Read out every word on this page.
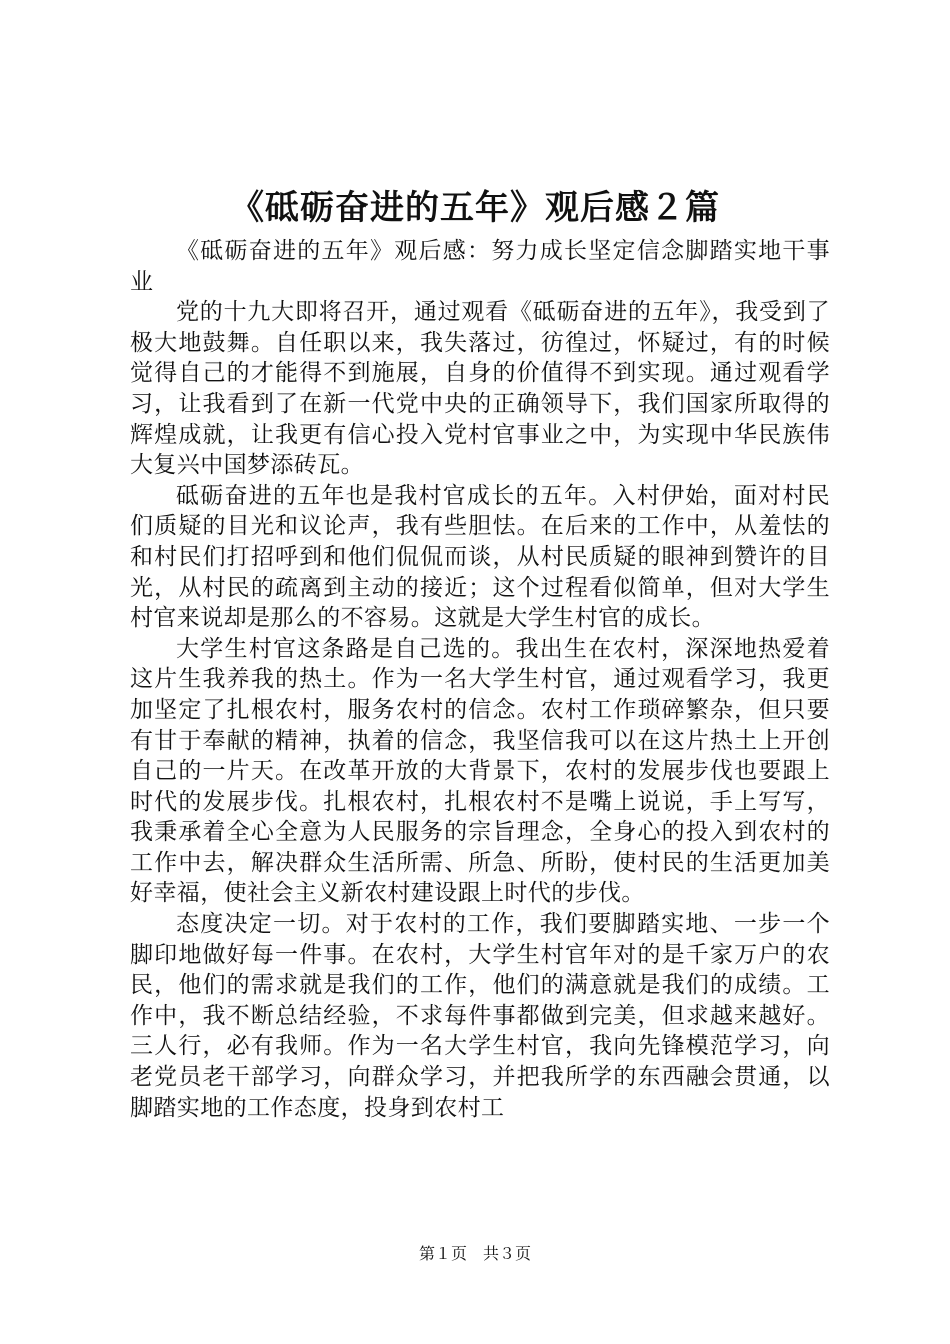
《砥砺奋进的五年》观后感２篇

《砥砺奋进的五年》观后感：努力成长坚定信念脚踏实地干事业

党的十九大即将召开，通过观看《砥砺奋进的五年》，我受到了极大地鼓舞。自任职以来，我失落过，彷徨过，怀疑过，有的时候觉得自己的才能得不到施展，自身的价值得不到实现。通过观看学习，让我看到了在新一代党中央的正确领导下，我们国家所取得的辉煌成就，让我更有信心投入党村官事业之中，为实现中华民族伟大复兴中国梦添砖瓦。

砥砺奋进的五年也是我村官成长的五年。入村伊始，面对村民们质疑的目光和议论声，我有些胆怯。在后来的工作中，从羞怯的和村民们打招呼到和他们侃侃而谈，从村民质疑的眼神到赞许的目光，从村民的疏离到主动的接近；这个过程看似简单，但对大学生村官来说却是那么的不容易。这就是大学生村官的成长。

大学生村官这条路是自己选的。我出生在农村，深深地热爱着这片生我养我的热土。作为一名大学生村官，通过观看学习，我更加坚定了扎根农村，服务农村的信念。农村工作琐碎繁杂，但只要有甘于奉献的精神，执着的信念，我坚信我可以在这片热土上开创自己的一片天。在改革开放的大背景下，农村的发展步伐也要跟上时代的发展步伐。扎根农村，扎根农村不是嘴上说说，手上写写，我秉承着全心全意为人民服务的宗旨理念，全身心的投入到农村的工作中去，解决群众生活所需、所急、所盼，使村民的生活更加美好幸福，使社会主义新农村建设跟上时代的步伐。

态度决定一切。对于农村的工作，我们要脚踏实地、一步一个脚印地做好每一件事。在农村，大学生村官年对的是千家万户的农民，他们的需求就是我们的工作，他们的满意就是我们的成绩。工作中，我不断总结经验，不求每件事都做到完美，但求越来越好。三人行，必有我师。作为一名大学生村官，我向先锋模范学习，向老党员老干部学习，向群众学习，并把我所学的东西融会贯通，以脚踏实地的工作态度，投身到农村工

第１页　共３页
